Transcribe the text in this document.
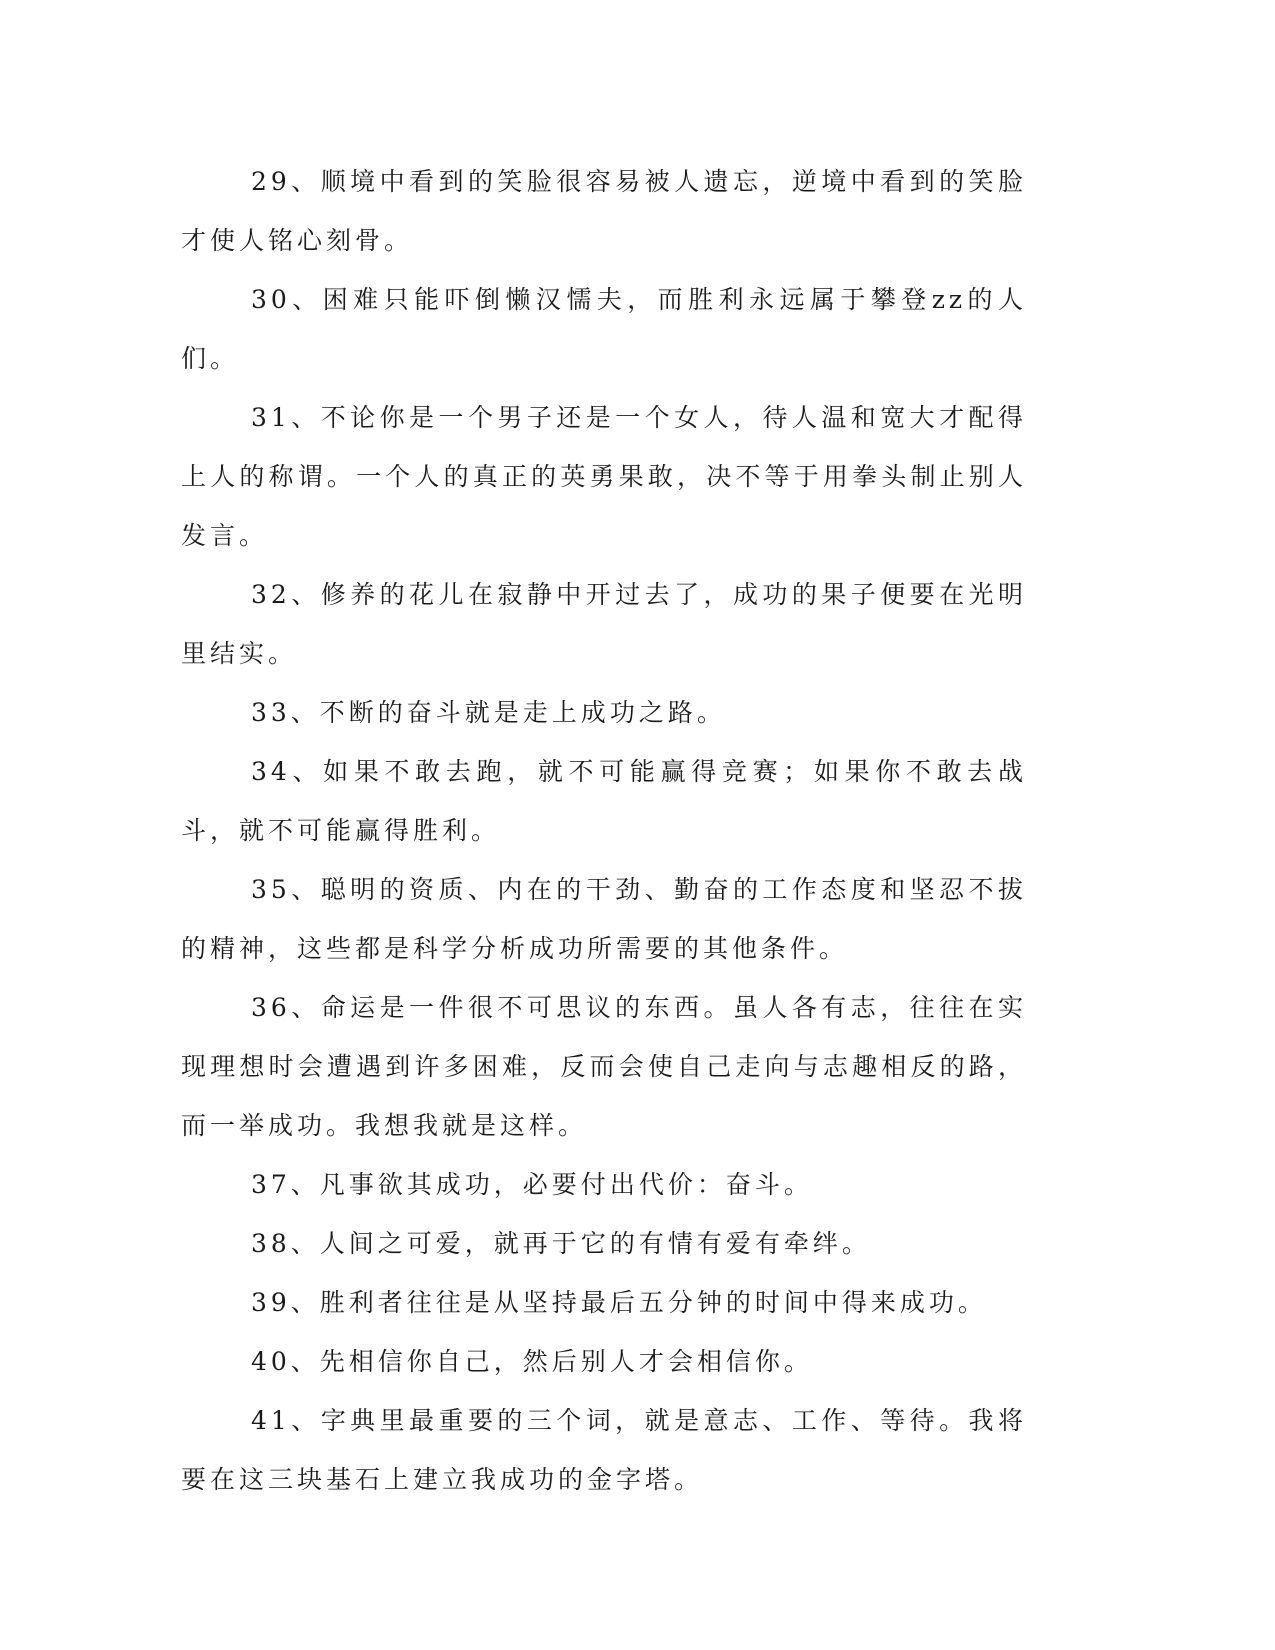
29、顺境中看到的笑脸很容易被人遗忘，逆境中看到的笑脸才使人铭心刻骨。

30、困难只能吓倒懒汉懦夫，而胜利永远属于攀登zz的人们。

31、不论你是一个男子还是一个女人，待人温和宽大才配得上人的称谓。一个人的真正的英勇果敢，决不等于用拳头制止别人发言。

32、修养的花儿在寂静中开过去了，成功的果子便要在光明里结实。

33、不断的奋斗就是走上成功之路。

34、如果不敢去跑，就不可能赢得竞赛；如果你不敢去战斗，就不可能赢得胜利。

35、聪明的资质、内在的干劲、勤奋的工作态度和坚忍不拔的精神，这些都是科学分析成功所需要的其他条件。

36、命运是一件很不可思议的东西。虽人各有志，往往在实现理想时会遭遇到许多困难，反而会使自己走向与志趣相反的路，而一举成功。我想我就是这样。

37、凡事欲其成功，必要付出代价：奋斗。

38、人间之可爱，就再于它的有情有爱有牵绊。

39、胜利者往往是从坚持最后五分钟的时间中得来成功。

40、先相信你自己，然后别人才会相信你。

41、字典里最重要的三个词，就是意志、工作、等待。我将要在这三块基石上建立我成功的金字塔。
